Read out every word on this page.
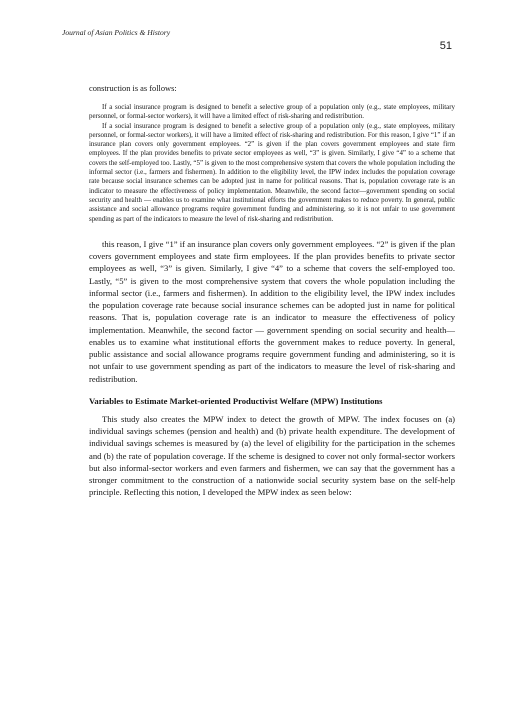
Journal of Asian Politics & History
51

construction is as follows:

If a social insurance program is designed to benefit a selective group of a population only (e.g., state employees, military personnel, or formal-sector workers), it will have a limited effect of risk-sharing and redistribution.

If a social insurance program is designed to benefit a selective group of a population only (e.g., state employees, military personnel, or formal-sector workers), it will have a limited effect of risk-sharing and redistribution. For this reason, I give “1” if an insurance plan covers only government employees. “2” is given if the plan covers government employees and state firm employees. If the plan provides benefits to private sector employees as well, “3” is given. Similarly, I give “4” to a scheme that covers the self-employed too. Lastly, “5” is given to the most comprehensive system that covers the whole population including the informal sector (i.e., farmers and fishermen). In addition to the eligibility level, the IPW index includes the population coverage rate because social insurance schemes can be adopted just in name for political reasons. That is, population coverage rate is an indicator to measure the effectiveness of policy implementation. Meanwhile, the second factor—government spending on social security and health — enables us to examine what institutional efforts the government makes to reduce poverty. In general, public assistance and social allowance programs require government funding and administering, so it is not unfair to use government spending as part of the indicators to measure the level of risk-sharing and redistribution.

this reason, I give “1” if an insurance plan covers only government employees. “2” is given if the plan covers government employees and state firm employees. If the plan provides benefits to private sector employees as well, “3” is given. Similarly, I give “4” to a scheme that covers the self-employed too. Lastly, “5” is given to the most comprehensive system that covers the whole population including the informal sector (i.e., farmers and fishermen). In addition to the eligibility level, the IPW index includes the population coverage rate because social insurance schemes can be adopted just in name for political reasons. That is, population coverage rate is an indicator to measure the effectiveness of policy implementation. Meanwhile, the second factor — government spending on social security and health—enables us to examine what institutional efforts the government makes to reduce poverty. In general, public assistance and social allowance programs require government funding and administering, so it is not unfair to use government spending as part of the indicators to measure the level of risk-sharing and redistribution.

Variables to Estimate Market-oriented Productivist Welfare (MPW) Institutions

This study also creates the MPW index to detect the growth of MPW. The index focuses on (a) individual savings schemes (pension and health) and (b) private health expenditure. The development of individual savings schemes is measured by (a) the level of eligibility for the participation in the schemes and (b) the rate of population coverage. If the scheme is designed to cover not only formal-sector workers but also informal-sector workers and even farmers and fishermen, we can say that the government has a stronger commitment to the construction of a nationwide social security system base on the self-help principle. Reflecting this notion, I developed the MPW index as seen below:
